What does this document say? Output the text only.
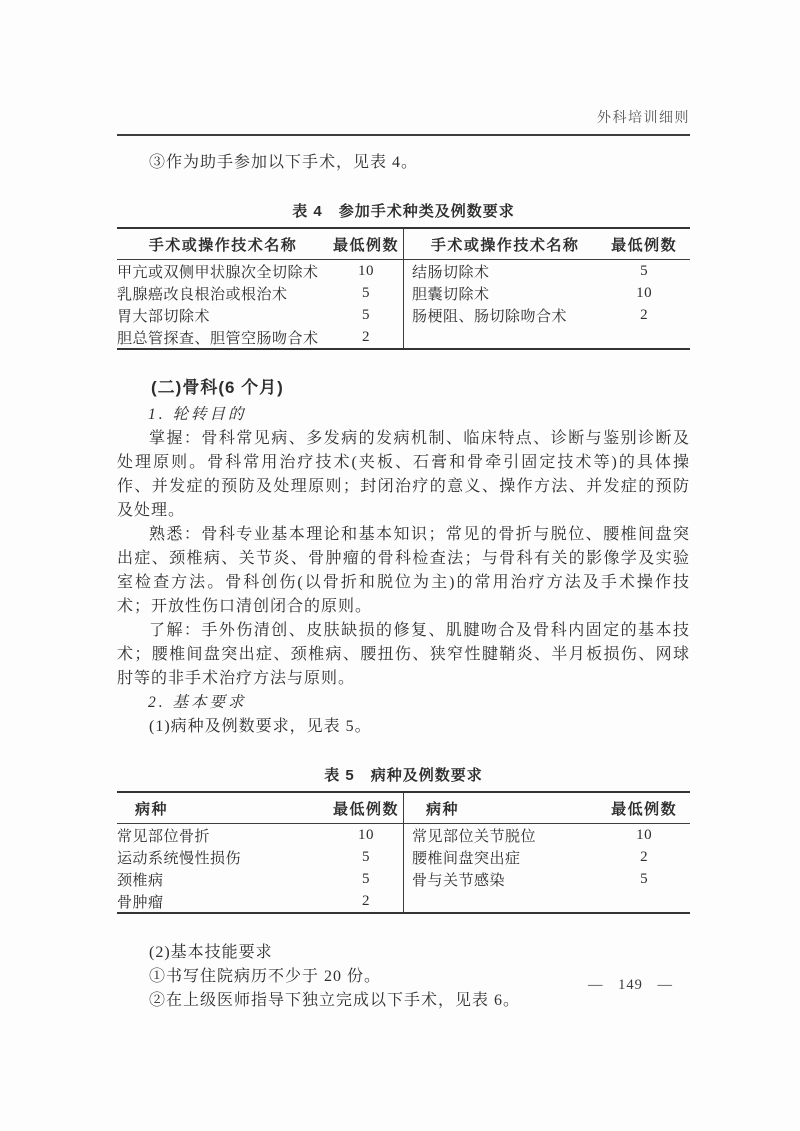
外科培训细则

③作为助手参加以下手术，见表 4。

表 4　参加手术种类及例数要求
手术或操作技术名称	最低例数	手术或操作技术名称	最低例数
甲亢或双侧甲状腺次全切除术	10	结肠切除术	5
乳腺癌改良根治或根治术	5	胆囊切除术	10
胃大部切除术	5	肠梗阻、肠切除吻合术	2
胆总管探查、胆管空肠吻合术	2		
(二)骨科(6 个月)

1. 轮转目的

掌握：骨科常见病、多发病的发病机制、临床特点、诊断与鉴别诊断及处理原则。骨科常用治疗技术(夹板、石膏和骨牵引固定技术等)的具体操作、并发症的预防及处理原则；封闭治疗的意义、操作方法、并发症的预防及处理。

熟悉：骨科专业基本理论和基本知识；常见的骨折与脱位、腰椎间盘突出症、颈椎病、关节炎、骨肿瘤的骨科检查法；与骨科有关的影像学及实验室检查方法。骨科创伤(以骨折和脱位为主)的常用治疗方法及手术操作技术；开放性伤口清创闭合的原则。

了解：手外伤清创、皮肤缺损的修复、肌腱吻合及骨科内固定的基本技术；腰椎间盘突出症、颈椎病、腰扭伤、狭窄性腱鞘炎、半月板损伤、网球肘等的非手术治疗方法与原则。

2. 基本要求

(1)病种及例数要求，见表 5。

表 5　病种及例数要求
病种	最低例数	病种	最低例数
常见部位骨折	10	常见部位关节脱位	10
运动系统慢性损伤	5	腰椎间盘突出症	2
颈椎病	5	骨与关节感染	5
骨肿瘤	2		

(2)基本技能要求

①书写住院病历不少于 20 份。

②在上级医师指导下独立完成以下手术，见表 6。

— 149 —
